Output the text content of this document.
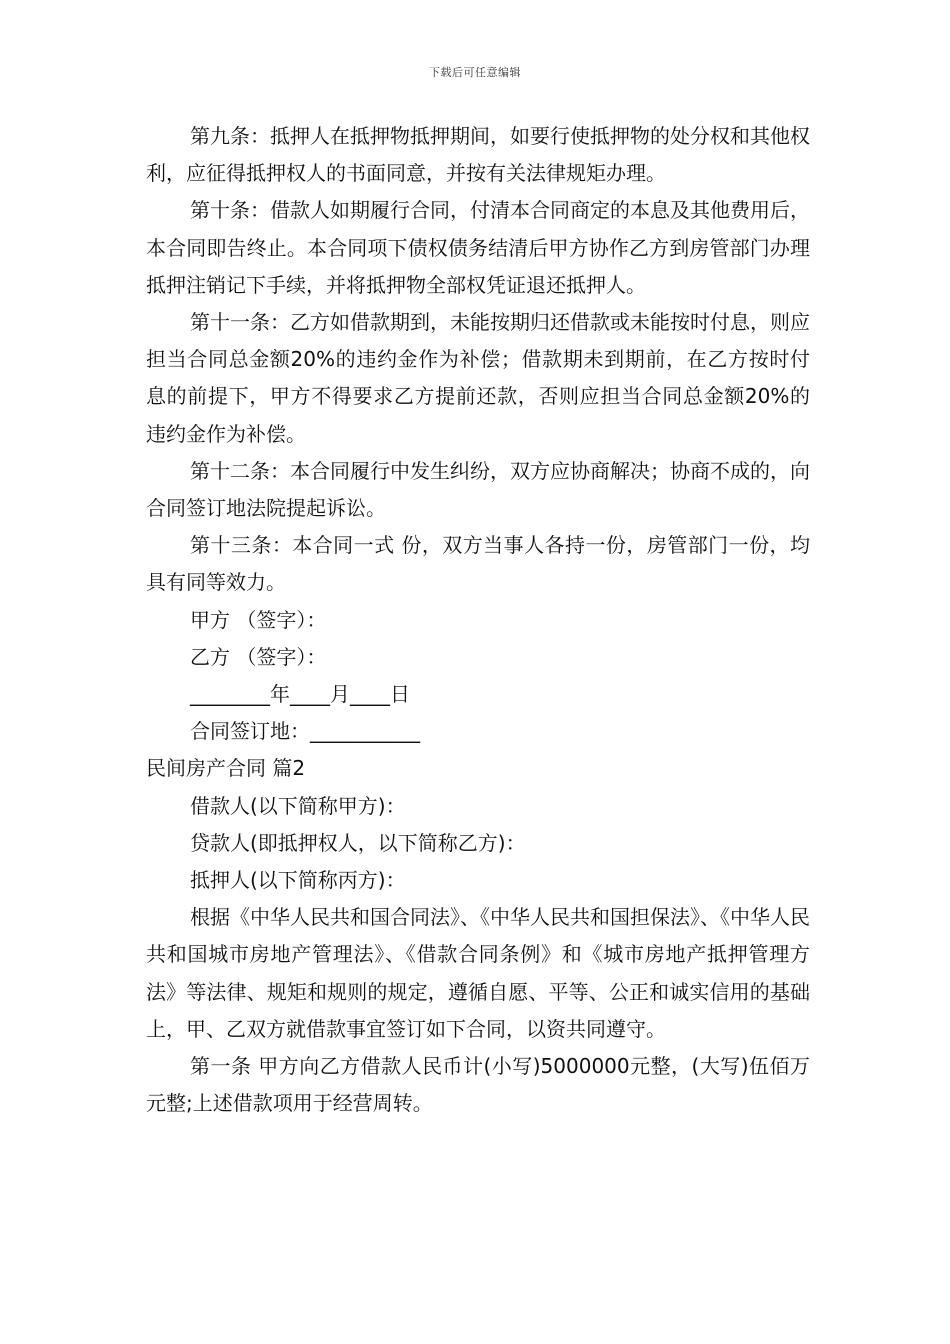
下载后可任意编辑

第九条：抵押人在抵押物抵押期间，如要行使抵押物的处分权和其他权利，应征得抵押权人的书面同意，并按有关法律规矩办理。

第十条：借款人如期履行合同，付清本合同商定的本息及其他费用后，本合同即告终止。本合同项下债权债务结清后甲方协作乙方到房管部门办理抵押注销记下手续，并将抵押物全部权凭证退还抵押人。

第十一条：乙方如借款期到，未能按期归还借款或未能按时付息，则应担当合同总金额20%的违约金作为补偿；借款期未到期前，在乙方按时付息的前提下，甲方不得要求乙方提前还款，否则应担当合同总金额20%的违约金作为补偿。

第十二条：本合同履行中发生纠纷，双方应协商解决；协商不成的，向合同签订地法院提起诉讼。

第十三条：本合同一式 份，双方当事人各持一份，房管部门一份，均具有同等效力。

甲方 （签字）：

乙方 （签字）：

________年____月____日

合同签订地：___________

民间房产合同 篇2

借款人(以下简称甲方)：

贷款人(即抵押权人，以下简称乙方)：

抵押人(以下简称丙方)：

根据《中华人民共和国合同法》、《中华人民共和国担保法》、《中华人民共和国城市房地产管理法》、《借款合同条例》和《城市房地产抵押管理方法》等法律、规矩和规则的规定，遵循自愿、平等、公正和诚实信用的基础上，甲、乙双方就借款事宜签订如下合同，以资共同遵守。

第一条 甲方向乙方借款人民币计(小写)5000000元整，(大写)伍佰万元整;上述借款项用于经营周转。
